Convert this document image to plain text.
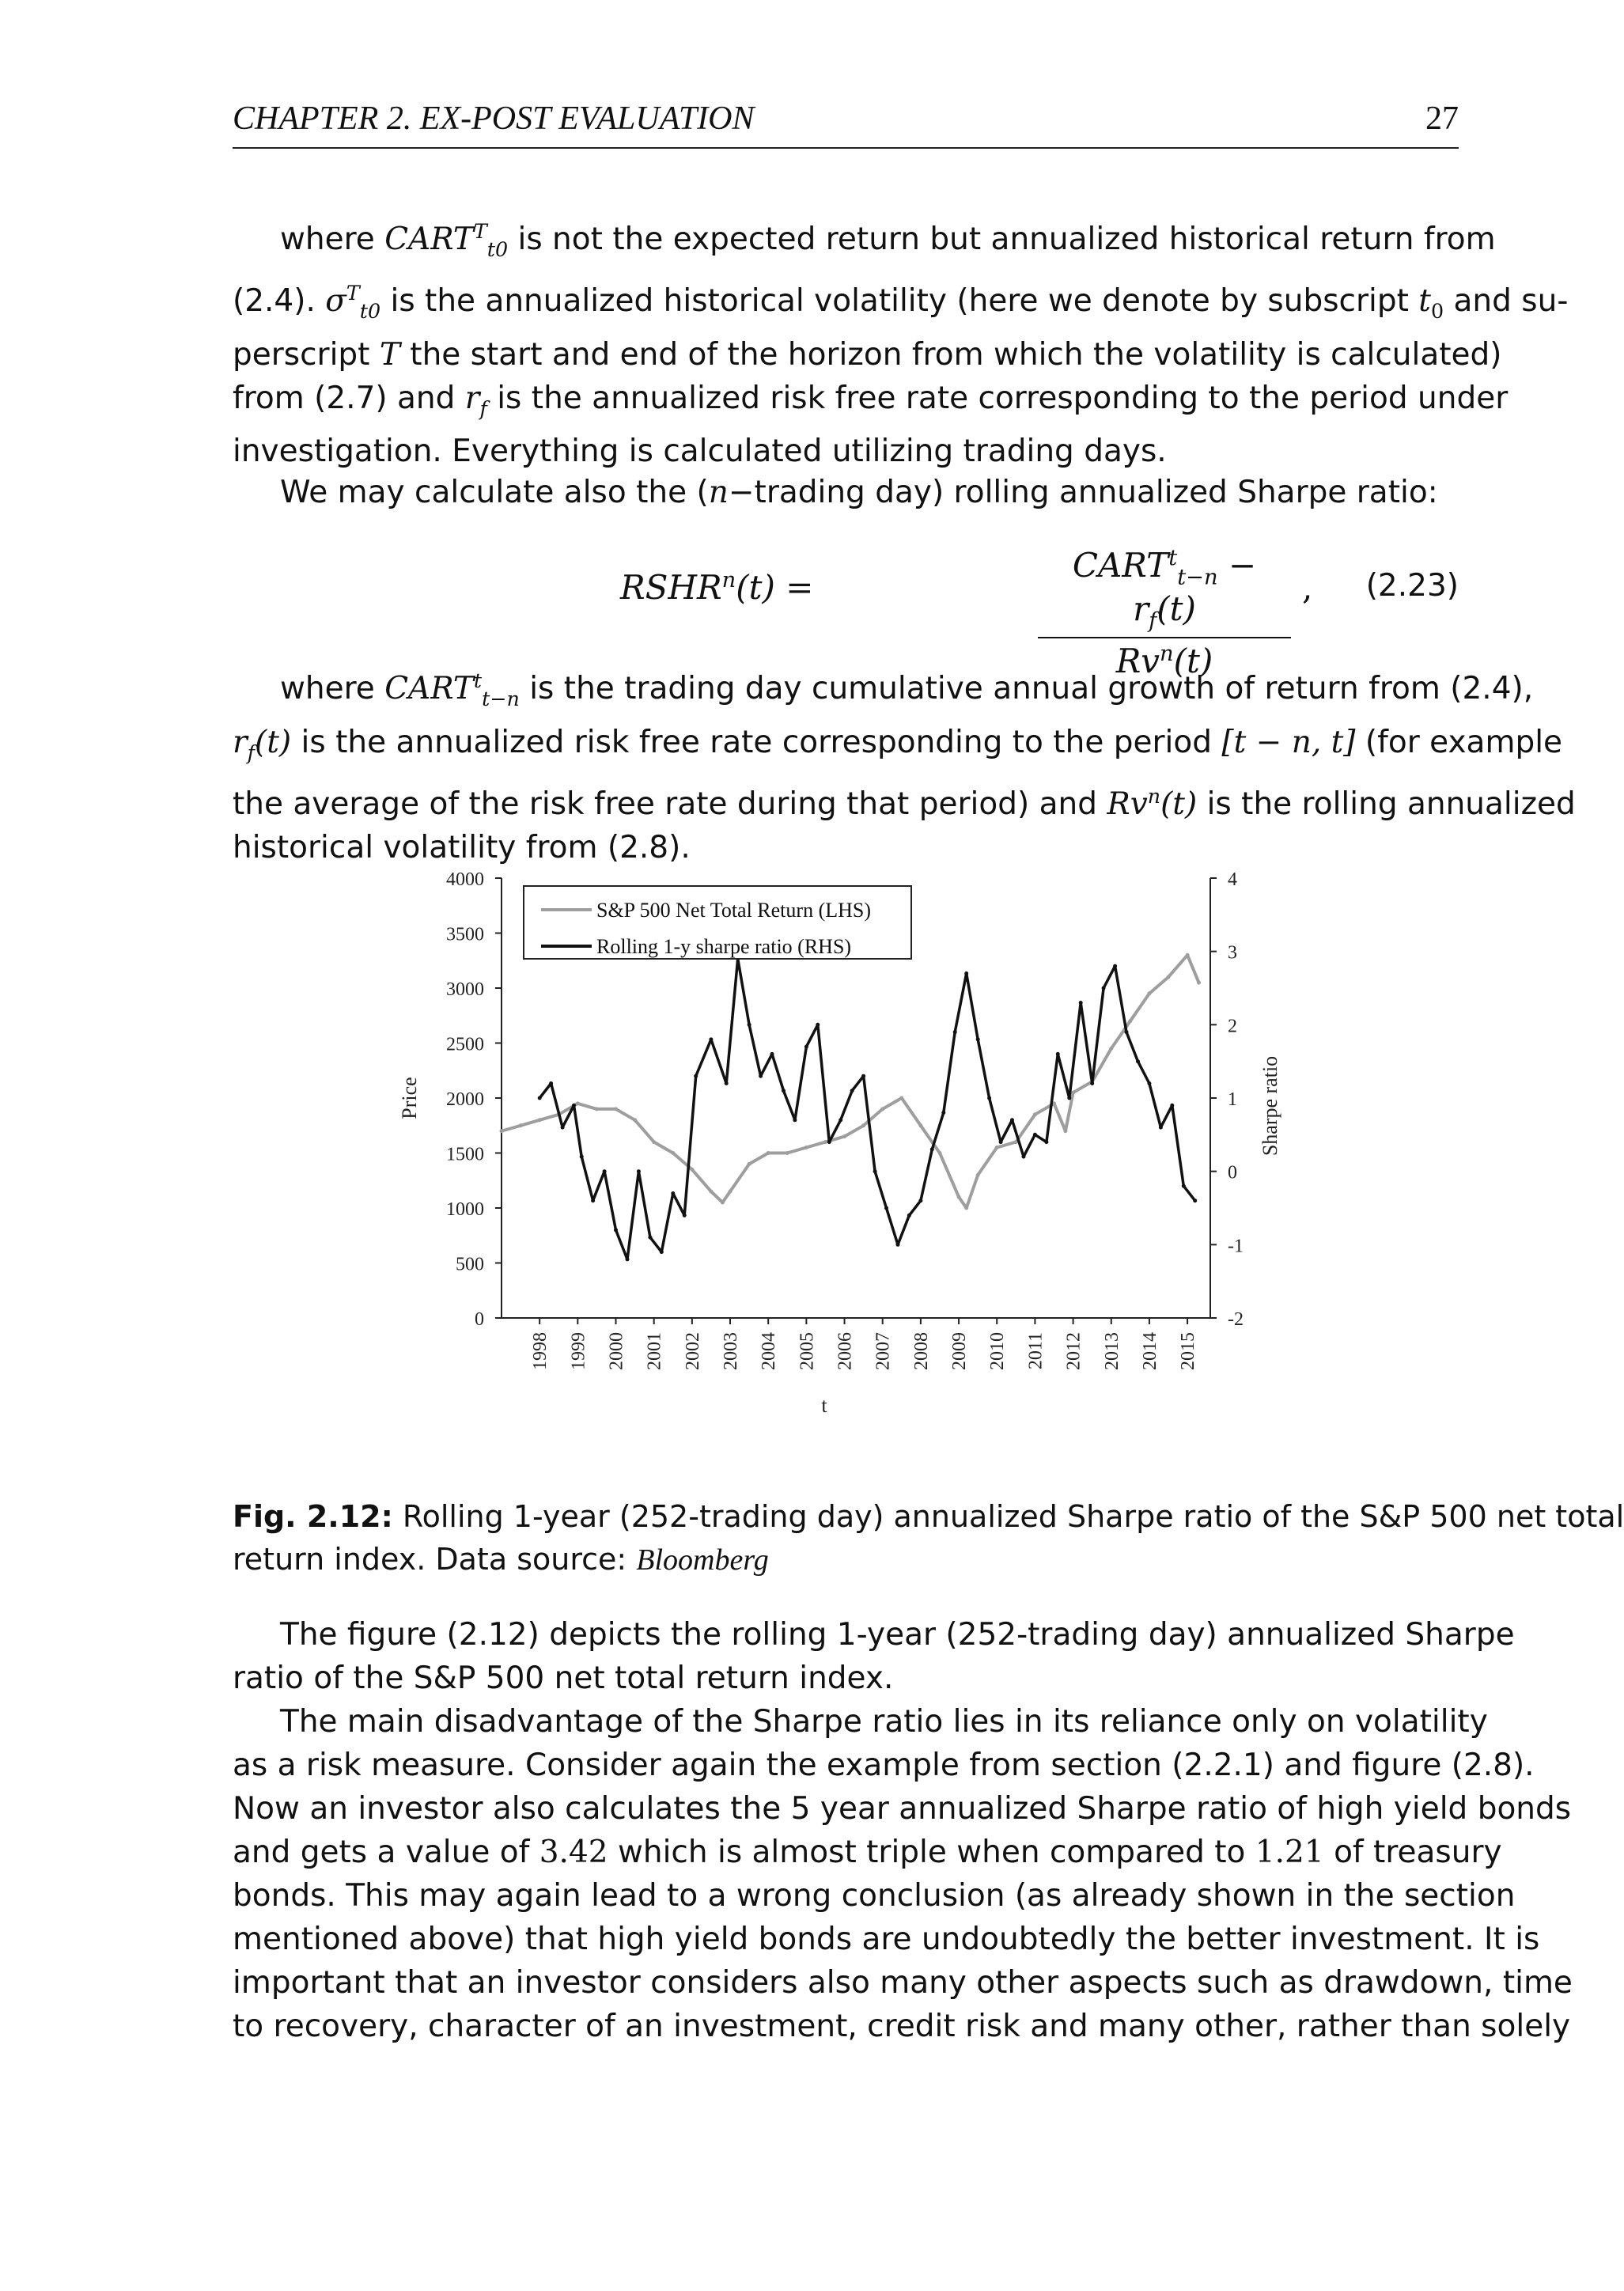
CHAPTER 2. EX-POST EVALUATION	27
where $CART^T_{t0}$ is not the expected return but annualized historical return from
(2.4). $\sigma^T_{t0}$ is the annualized historical volatility (here we denote by subscript $t_0$ and su-
perscript T the start and end of the horizon from which the volatility is calculated)
from (2.7) and $r_f$ is the annualized risk free rate corresponding to the period under
investigation. Everything is calculated utilizing trading days.
We may calculate also the (n−trading day) rolling annualized Sharpe ratio:
$RSHR^n(t)$ =
$CART^t_{t-n} - r_f(t)$
Rv$^n$(t)
, (2.23)
where $CART^t_{t-n}$ is the trading day cumulative annual growth of return from (2.4),
$r_f(t)$ is the annualized risk free rate corresponding to the period [t − n, t] (for example
the average of the risk free rate during that period) and Rv$^n$(t) is the rolling annualized
historical volatility from (2.8).
0
500
1000
1500
2000
2500
3000
3500
4000
-2
-1
0
1
2
3
4
1998 1999 2000 2001 2002 2003 2004 2005 2006 2007 2008 2009 2010 2011 2012 2013 2014 2015
Price	Sharpe ratio
t
S&P 500 Net Total Return (LHS)
Rolling 1-y sharpe ratio (RHS)

Fig. 2.12: Rolling 1-year (252-trading day) annualized Sharpe ratio of the S&P 500 net total
return index. Data source: Bloomberg

The figure (2.12) depicts the rolling 1-year (252-trading day) annualized Sharpe
ratio of the S&P 500 net total return index.
The main disadvantage of the Sharpe ratio lies in its reliance only on volatility
as a risk measure. Consider again the example from section (2.2.1) and figure (2.8).
Now an investor also calculates the 5 year annualized Sharpe ratio of high yield bonds
and gets a value of 3.42 which is almost triple when compared to 1.21 of treasury
bonds. This may again lead to a wrong conclusion (as already shown in the section
mentioned above) that high yield bonds are undoubtedly the better investment. It is
important that an investor considers also many other aspects such as drawdown, time
to recovery, character of an investment, credit risk and many other, rather than solely
